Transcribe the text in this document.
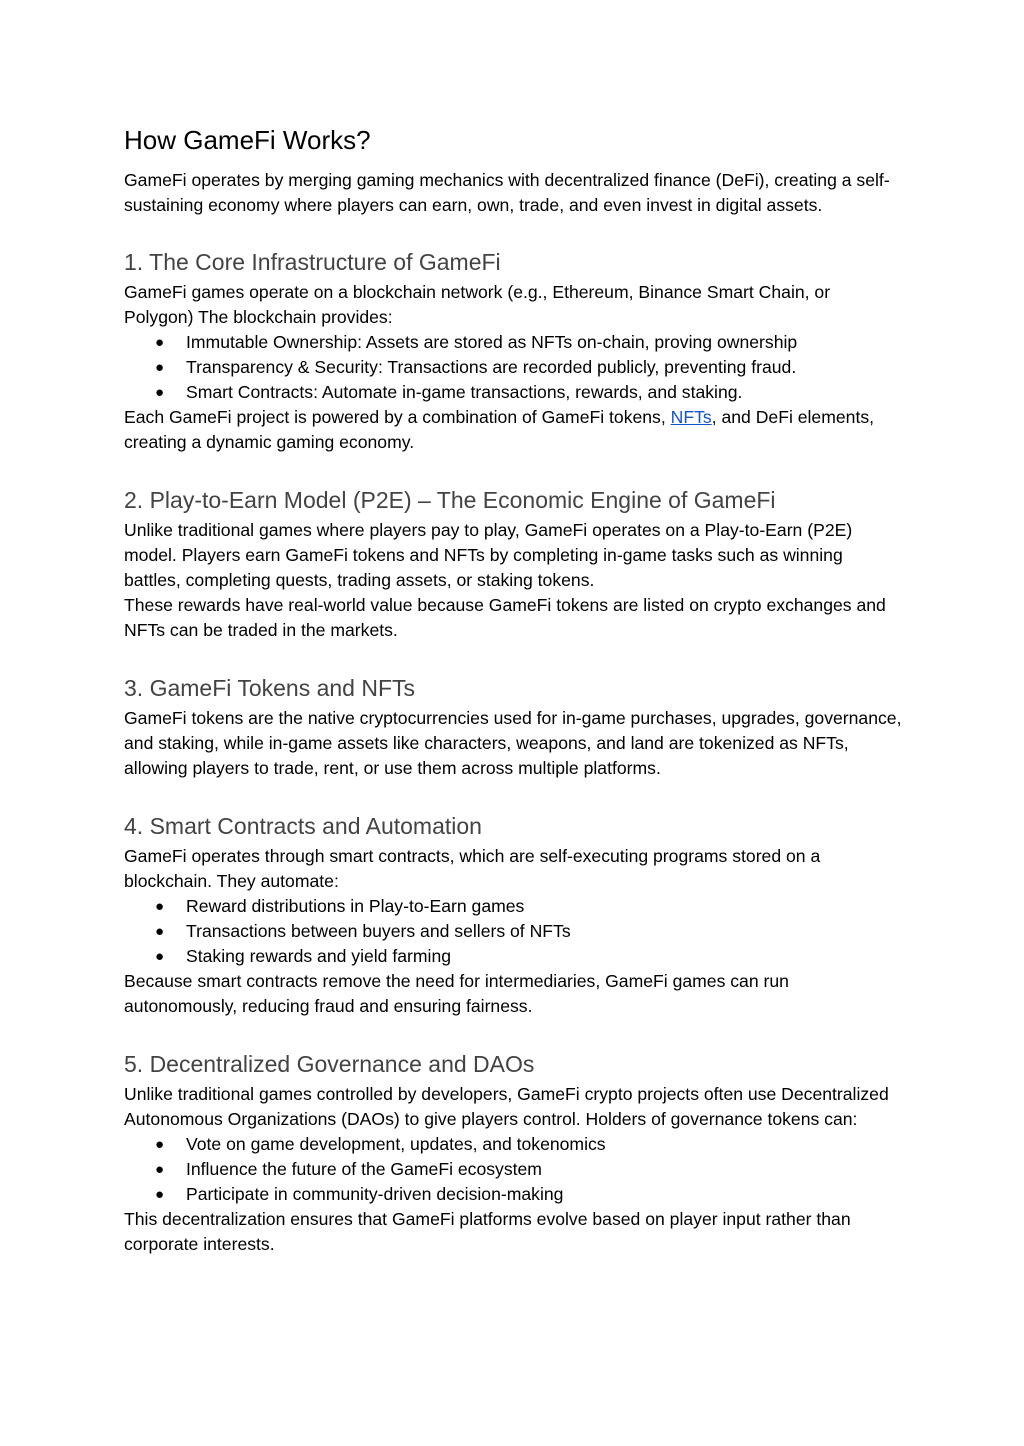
How GameFi Works?

GameFi operates by merging gaming mechanics with decentralized finance (DeFi), creating a self-sustaining economy where players can earn, own, trade, and even invest in digital assets.

1. The Core Infrastructure of GameFi

GameFi games operate on a blockchain network (e.g., Ethereum, Binance Smart Chain, or Polygon) The blockchain provides:

● Immutable Ownership: Assets are stored as NFTs on-chain, proving ownership
● Transparency & Security: Transactions are recorded publicly, preventing fraud.
● Smart Contracts: Automate in-game transactions, rewards, and staking.

Each GameFi project is powered by a combination of GameFi tokens, NFTs, and DeFi elements, creating a dynamic gaming economy.

2. Play-to-Earn Model (P2E) – The Economic Engine of GameFi

Unlike traditional games where players pay to play, GameFi operates on a Play-to-Earn (P2E) model. Players earn GameFi tokens and NFTs by completing in-game tasks such as winning battles, completing quests, trading assets, or staking tokens.

These rewards have real-world value because GameFi tokens are listed on crypto exchanges and NFTs can be traded in the markets.

3. GameFi Tokens and NFTs

GameFi tokens are the native cryptocurrencies used for in-game purchases, upgrades, governance, and staking, while in-game assets like characters, weapons, and land are tokenized as NFTs, allowing players to trade, rent, or use them across multiple platforms.

4. Smart Contracts and Automation

GameFi operates through smart contracts, which are self-executing programs stored on a blockchain. They automate:

● Reward distributions in Play-to-Earn games
● Transactions between buyers and sellers of NFTs
● Staking rewards and yield farming

Because smart contracts remove the need for intermediaries, GameFi games can run autonomously, reducing fraud and ensuring fairness.

5. Decentralized Governance and DAOs

Unlike traditional games controlled by developers, GameFi crypto projects often use Decentralized Autonomous Organizations (DAOs) to give players control. Holders of governance tokens can:

● Vote on game development, updates, and tokenomics
● Influence the future of the GameFi ecosystem
● Participate in community-driven decision-making

This decentralization ensures that GameFi platforms evolve based on player input rather than corporate interests.
